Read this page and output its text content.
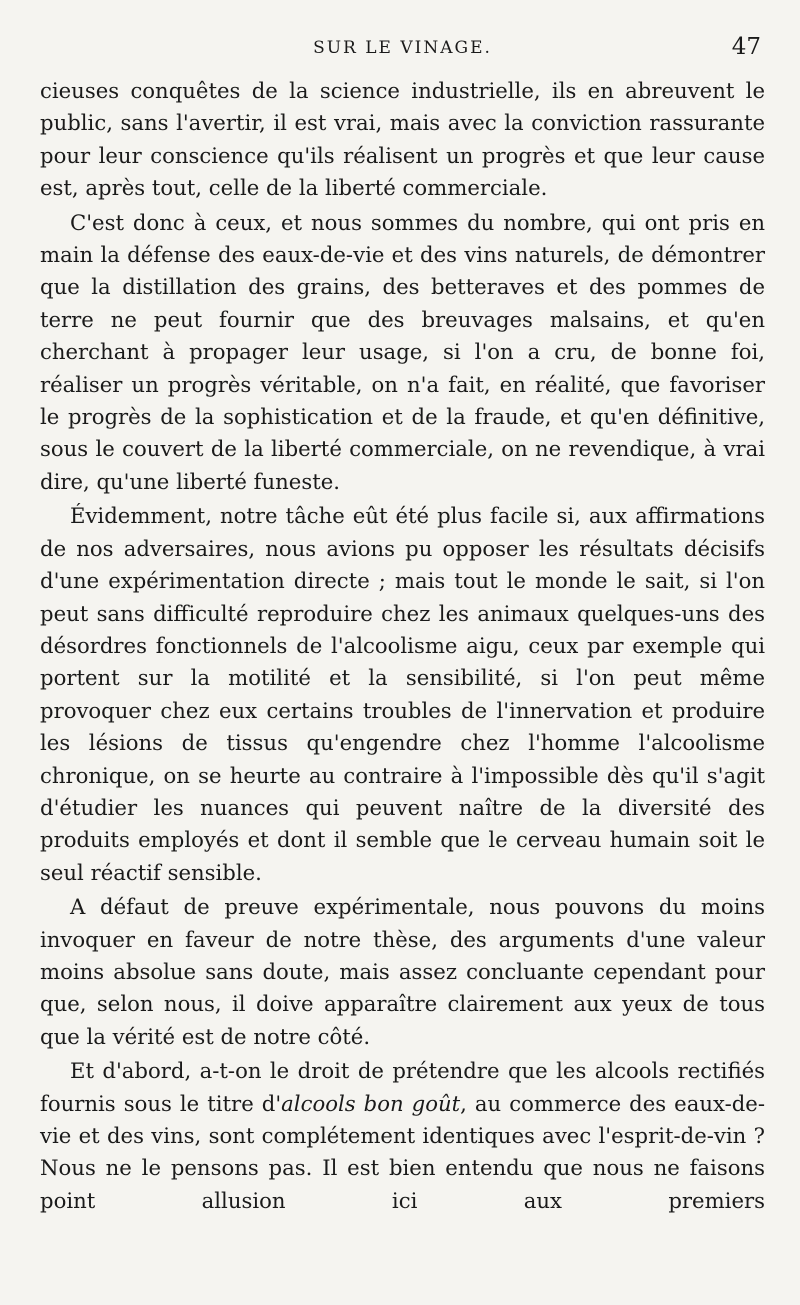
SUR LE VINAGE.	47

cieuses conquêtes de la science industrielle, ils en abreuvent le public, sans l'avertir, il est vrai, mais avec la conviction rassurante pour leur conscience qu'ils réalisent un progrès et que leur cause est, après tout, celle de la liberté commerciale.

C'est donc à ceux, et nous sommes du nombre, qui ont pris en main la défense des eaux-de-vie et des vins naturels, de démontrer que la distillation des grains, des betteraves et des pommes de terre ne peut fournir que des breuvages malsains, et qu'en cherchant à propager leur usage, si l'on a cru, de bonne foi, réaliser un progrès véritable, on n'a fait, en réalité, que favoriser le progrès de la sophistication et de la fraude, et qu'en définitive, sous le couvert de la liberté commerciale, on ne revendique, à vrai dire, qu'une liberté funeste.

Évidemment, notre tâche eût été plus facile si, aux affirmations de nos adversaires, nous avions pu opposer les résultats décisifs d'une expérimentation directe ; mais tout le monde le sait, si l'on peut sans difficulté reproduire chez les animaux quelques-uns des désordres fonctionnels de l'alcoolisme aigu, ceux par exemple qui portent sur la motilité et la sensibilité, si l'on peut même provoquer chez eux certains troubles de l'innervation et produire les lésions de tissus qu'engendre chez l'homme l'alcoolisme chronique, on se heurte au contraire à l'impossible dès qu'il s'agit d'étudier les nuances qui peuvent naître de la diversité des produits employés et dont il semble que le cerveau humain soit le seul réactif sensible.

A défaut de preuve expérimentale, nous pouvons du moins invoquer en faveur de notre thèse, des arguments d'une valeur moins absolue sans doute, mais assez concluante cependant pour que, selon nous, il doive apparaître clairement aux yeux de tous que la vérité est de notre côté.

Et d'abord, a-t-on le droit de prétendre que les alcools rectifiés fournis sous le titre d'alcools bon goût, au commerce des eaux-de-vie et des vins, sont complétement identiques avec l'esprit-de-vin ? Nous ne le pensons pas. Il est bien entendu que nous ne faisons point allusion ici aux premiers
